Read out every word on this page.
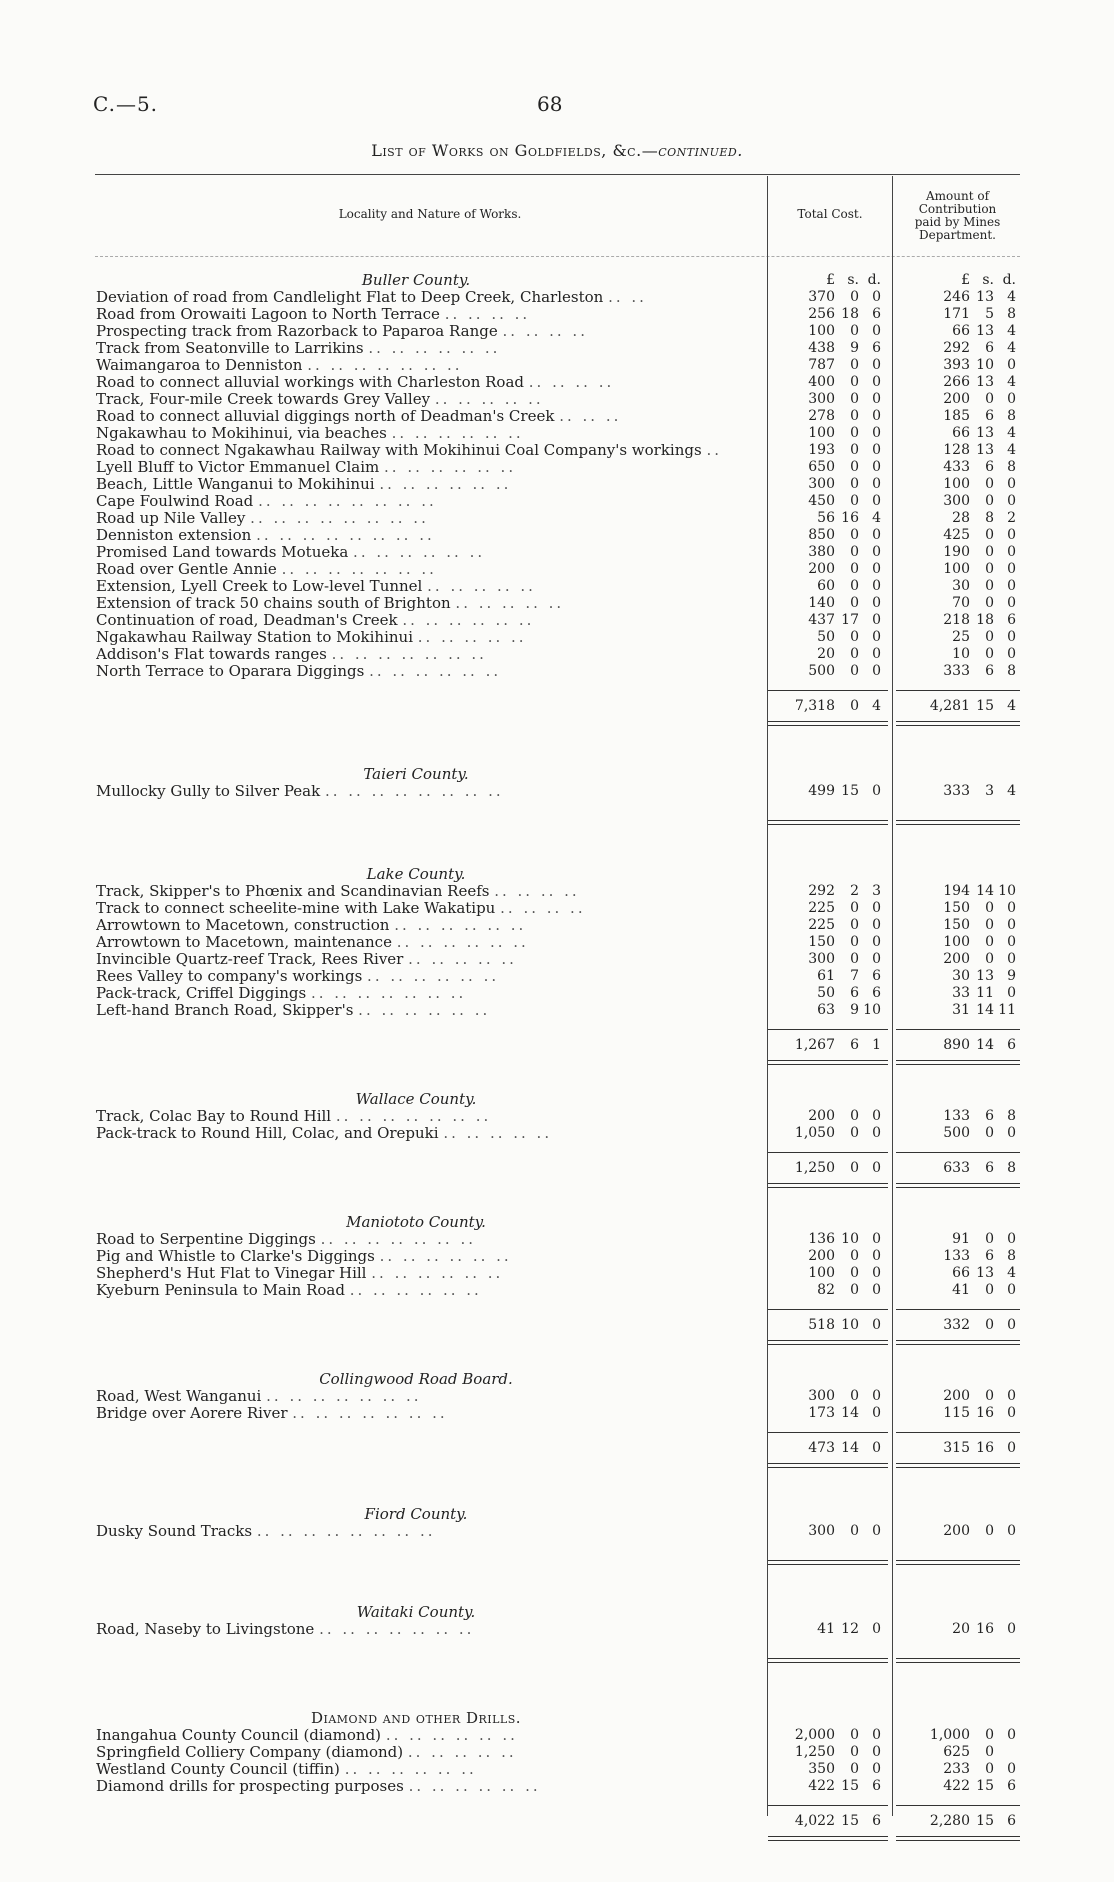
C.—5.	68
List of Works on Goldfields, &c.—continued.
Locality and Nature of Works.	Total Cost.
Amount of
Contribution
paid by Mines
Department.
Buller County.	£ s. d.	£ s. d.
Deviation of road from Candlelight Flat to Deep Creek, Charleston .. ..	370 0 0	246 13 4
Road from Orowaiti Lagoon to North Terrace .. .. .. ..	256 18 6	171 5 8
Prospecting track from Razorback to Paparoa Range .. .. .. ..	100 0 0	66 13 4
Track from Seatonville to Larrikins .. .. .. .. .. ..	438 9 6	292 6 4
Waimangaroa to Denniston .. .. .. .. .. .. ..	787 0 0	393 10 0
Road to connect alluvial workings with Charleston Road .. .. .. ..	400 0 0	266 13 4
Track, Four-mile Creek towards Grey Valley .. .. .. .. ..	300 0 0	200 0 0
Road to connect alluvial diggings north of Deadman's Creek .. .. ..	278 0 0	185 6 8
Ngakawhau to Mokihinui, via beaches .. .. .. .. .. ..	100 0 0	66 13 4
Road to connect Ngakawhau Railway with Mokihinui Coal Company's workings ..	193 0 0	128 13 4
Lyell Bluff to Victor Emmanuel Claim .. .. .. .. .. ..	650 0 0	433 6 8
Beach, Little Wanganui to Mokihinui .. .. .. .. .. ..	300 0 0	100 0 0
Cape Foulwind Road .. .. .. .. .. .. .. ..	450 0 0	300 0 0
Road up Nile Valley .. .. .. .. .. .. .. ..	56 16 4	28 8 2
Denniston extension .. .. .. .. .. .. .. ..	850 0 0	425 0 0
Promised Land towards Motueka .. .. .. .. .. ..	380 0 0	190 0 0
Road over Gentle Annie .. .. .. .. .. .. ..	200 0 0	100 0 0
Extension, Lyell Creek to Low-level Tunnel .. .. .. .. ..	60 0 0	30 0 0
Extension of track 50 chains south of Brighton .. .. .. .. ..	140 0 0	70 0 0
Continuation of road, Deadman's Creek .. .. .. .. .. ..	437 17 0	218 18 6
Ngakawhau Railway Station to Mokihinui .. .. .. .. ..	50 0 0	25 0 0
Addison's Flat towards ranges .. .. .. .. .. .. ..	20 0 0	10 0 0
North Terrace to Oparara Diggings .. .. .. .. .. ..	500 0 0	333 6 8
7,318 0 4	4,281 15 4
Taieri County.
Mullocky Gully to Silver Peak .. .. .. .. .. .. .. ..	499 15 0	333 3 4
Lake County.
Track, Skipper's to Phœnix and Scandinavian Reefs .. .. .. ..	292 2 3	194 14 10
Track to connect scheelite-mine with Lake Wakatipu .. .. .. ..	225 0 0	150 0 0
Arrowtown to Macetown, construction .. .. .. .. .. ..	225 0 0	150 0 0
Arrowtown to Macetown, maintenance .. .. .. .. .. ..	150 0 0	100 0 0
Invincible Quartz-reef Track, Rees River .. .. .. .. ..	300 0 0	200 0 0
Rees Valley to company's workings .. .. .. .. .. ..	61 7 6	30 13 9
Pack-track, Criffel Diggings .. .. .. .. .. .. ..	50 6 6	33 11 0
Left-hand Branch Road, Skipper's .. .. .. .. .. ..	63 9 10	31 14 11
1,267 6 1	890 14 6
Wallace County.
Track, Colac Bay to Round Hill .. .. .. .. .. .. ..	200 0 0	133 6 8
Pack-track to Round Hill, Colac, and Orepuki .. .. .. .. ..	1,050 0 0	500 0 0
1,250 0 0	633 6 8
Maniototo County.
Road to Serpentine Diggings .. .. .. .. .. .. ..	136 10 0	91 0 0
Pig and Whistle to Clarke's Diggings .. .. .. .. .. ..	200 0 0	133 6 8
Shepherd's Hut Flat to Vinegar Hill .. .. .. .. .. ..	100 0 0	66 13 4
Kyeburn Peninsula to Main Road .. .. .. .. .. ..	82 0 0	41 0 0
518 10 0	332 0 0
Collingwood Road Board.
Road, West Wanganui .. .. .. .. .. .. ..	300 0 0	200 0 0
Bridge over Aorere River .. .. .. .. .. .. ..	173 14 0	115 16 0
473 14 0	315 16 0
Fiord County.
Dusky Sound Tracks .. .. .. .. .. .. .. ..	300 0 0	200 0 0
Waitaki County.
Road, Naseby to Livingstone .. .. .. .. .. .. ..	41 12 0	20 16 0
Diamond and other Drills.
Inangahua County Council (diamond) .. .. .. .. .. ..	2,000 0 0	1,000 0 0
Springfield Colliery Company (diamond) .. .. .. .. ..	1,250 0 0	625 0
Westland County Council (tiffin) .. .. .. .. .. ..	350 0 0	233 0 0
Diamond drills for prospecting purposes .. .. .. .. .. ..	422 15 6	422 15 6
4,022 15 6	2,280 15 6
